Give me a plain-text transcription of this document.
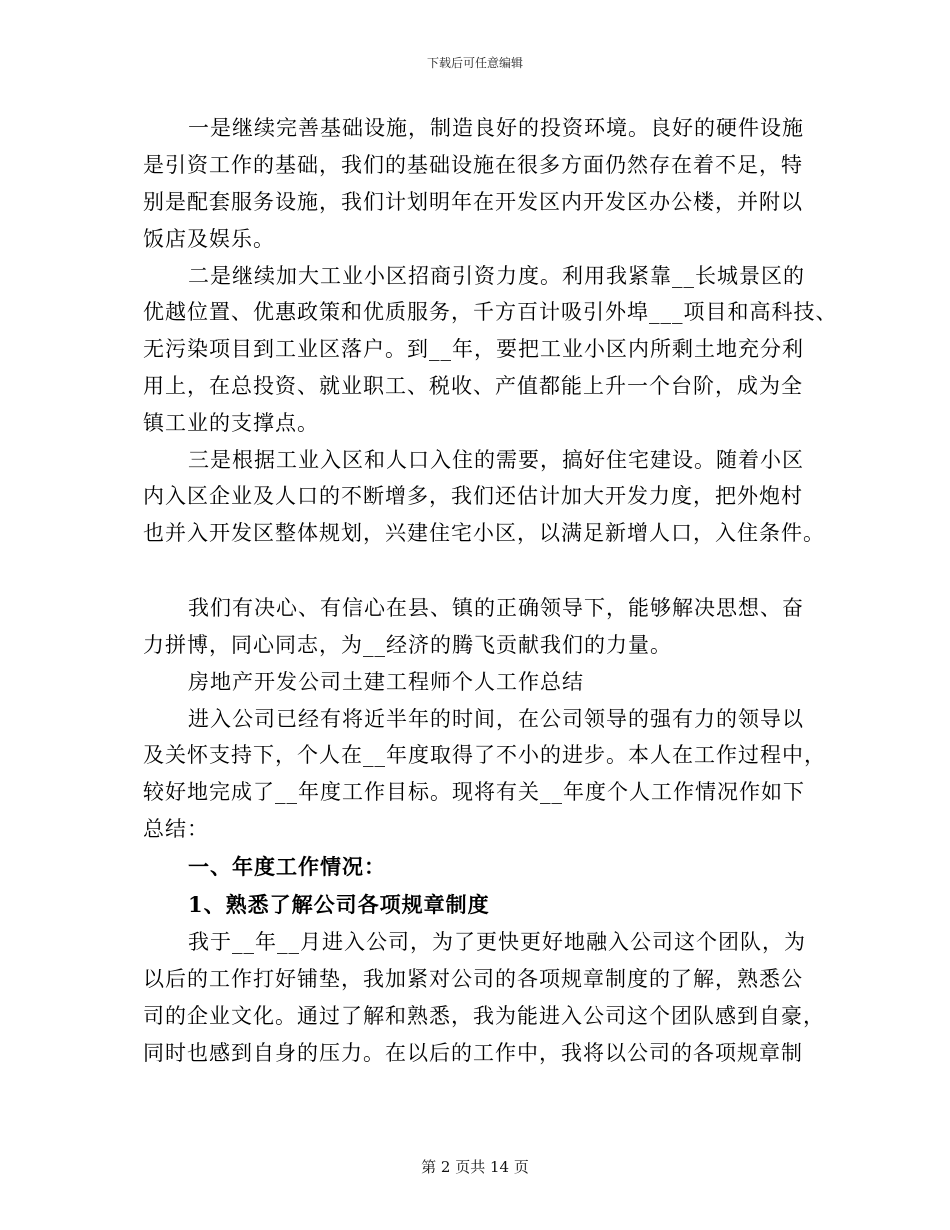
下载后可任意编辑
一是继续完善基础设施，制造良好的投资环境。良好的硬件设施
是引资工作的基础，我们的基础设施在很多方面仍然存在着不足，特
别是配套服务设施，我们计划明年在开发区内开发区办公楼，并附以
饭店及娱乐。
二是继续加大工业小区招商引资力度。利用我紧靠__长城景区的
优越位置、优惠政策和优质服务，千方百计吸引外埠___项目和高科技、
无污染项目到工业区落户。到__年，要把工业小区内所剩土地充分利
用上，在总投资、就业职工、税收、产值都能上升一个台阶，成为全
镇工业的支撑点。
三是根据工业入区和人口入住的需要，搞好住宅建设。随着小区
内入区企业及人口的不断增多，我们还估计加大开发力度，把外炮村
也并入开发区整体规划，兴建住宅小区，以满足新增人口，入住条件。
我们有决心、有信心在县、镇的正确领导下，能够解决思想、奋
力拼博，同心同志，为__经济的腾飞贡献我们的力量。
房地产开发公司土建工程师个人工作总结
进入公司已经有将近半年的时间，在公司领导的强有力的领导以
及关怀支持下，个人在__年度取得了不小的进步。本人在工作过程中，
较好地完成了__年度工作目标。现将有关__年度个人工作情况作如下
总结：
一、年度工作情况：
1、熟悉了解公司各项规章制度
我于__年__月进入公司，为了更快更好地融入公司这个团队，为
以后的工作打好铺垫，我加紧对公司的各项规章制度的了解，熟悉公
司的企业文化。通过了解和熟悉，我为能进入公司这个团队感到自豪，
同时也感到自身的压力。在以后的工作中，我将以公司的各项规章制
第 2 页共 14 页
